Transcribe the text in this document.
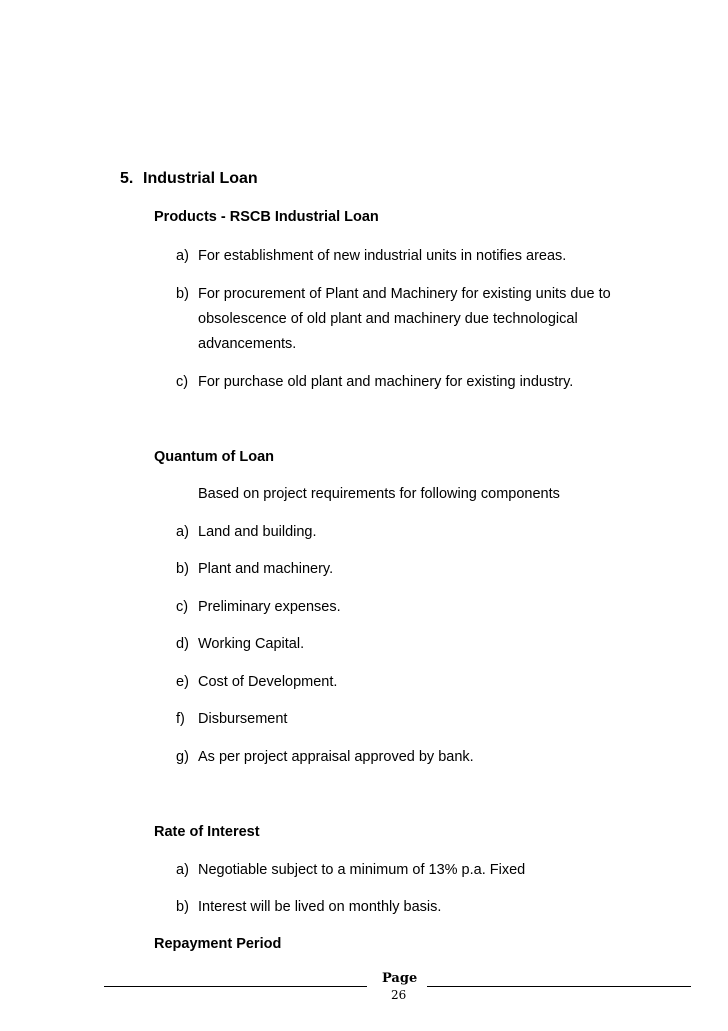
5. Industrial Loan
Products - RSCB Industrial Loan
a) For establishment of new industrial units in notifies areas.
b) For procurement of Plant and Machinery for existing units due to
obsolescence of old plant and machinery due technological
advancements.
c) For purchase old plant and machinery for existing industry.
Quantum of Loan
Based on project requirements for following components
a) Land and building.
b) Plant and machinery.
c) Preliminary expenses.
d) Working Capital.
e) Cost of Development.
f) Disbursement
g) As per project appraisal approved by bank.
Rate of Interest
a) Negotiable subject to a minimum of 13% p.a. Fixed
b) Interest will be lived on monthly basis.
Repayment Period
Page
26
